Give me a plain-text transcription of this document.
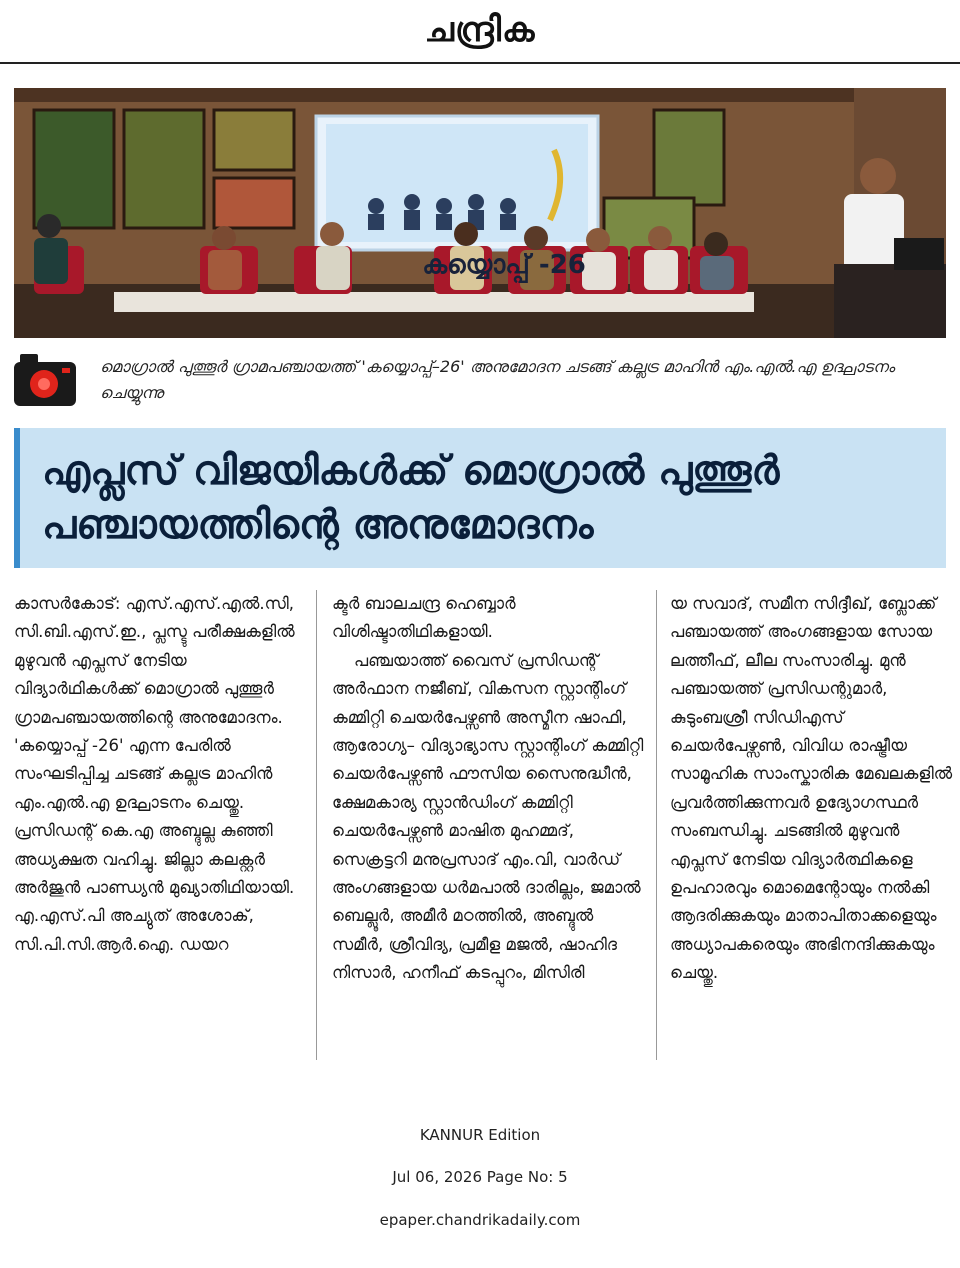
ചന്ദ്രിക
കയ്യൊപ്പ് -26
മൊഗ്രാൽ പുത്തൂർ ഗ്രാമപഞ്ചായത്ത് 'കയ്യൊപ്പ്–26' അനുമോദന ചടങ്ങ് കല്ലട്ര മാഹിൻ എം.എൽ.എ ഉദ്ഘാടനം ചെയ്യുന്നു
എപ്ലസ് വിജയികൾക്ക് മൊഗ്രാൽ പുത്തൂർ പഞ്ചായത്തിന്റെ അനുമോദനം

കാസർകോട്: എസ്.എസ്.എൽ.സി, സി.ബി.എസ്.ഇ., പ്ലസ്ടു പരീക്ഷകളിൽ മുഴുവൻ എപ്ലസ് നേടിയ വിദ്യാർഥികൾക്ക് മൊഗ്രാൽ പുത്തൂർ ഗ്രാമപഞ്ചായത്തിന്റെ അനുമോദനം. 'കയ്യൊപ്പ് -26' എന്ന പേരിൽ സംഘടിപ്പിച്ച ചടങ്ങ് കല്ലട്ര മാഹിൻ എം.എൽ.എ ഉദ്ഘാടനം ചെയ്തു. പ്രസിഡന്റ് കെ.എ അബ്ദുല്ല കുഞ്ഞി അധ്യക്ഷത വഹിച്ചു. ജില്ലാ കലക്റ്റർ അർജുൻ പാണ്ഡ്യൻ മുഖ്യാതിഥിയായി. എ.എസ്.പി അച്യുത് അശോക്, സി.പി.സി.ആർ.ഐ. ഡയറ

ക്ടർ ബാലചന്ദ്ര ഹെബ്ബാർ വിശിഷ്ടാതിഥികളായി.

പഞ്ചയാത്ത് വൈസ് പ്രസിഡന്റ് അർഫാന നജീബ്, വികസന സ്റ്റാന്റിംഗ് കമ്മിറ്റി ചെയർപേഴ്സൺ അസ്മീന ഷാഫി, ആരോഗ്യ– വിദ്യാഭ്യാസ സ്റ്റാന്റിംഗ് കമ്മിറ്റി ചെയർപേഴ്സൺ ഫൗസിയ സൈനുദ്ധീൻ, ക്ഷേമകാര്യ സ്റ്റാൻഡിംഗ് കമ്മിറ്റി ചെയർപേഴ്സൺ മാഷിത മുഹമ്മദ്, സെക്രട്ടറി മനുപ്രസാദ് എം.വി, വാർഡ് അംഗങ്ങളായ ധർമപാൽ ദാരില്ലം, ജമാൽ ബെല്ലൂർ, അമീർ മഠത്തിൽ, അബ്ദുൽ സമീർ, ശ്രീവിദ്യ, പ്രമീള മജൽ, ഷാഹിദ നിസാർ, ഹനീഫ് കടപ്പുറം, മിസിരി

യ സവാദ്, സമീന സിദ്ദീഖ്, ബ്ലോക്ക് പഞ്ചായത്ത് അംഗങ്ങളായ സോയ ലത്തീഫ്, ലീല സംസാരിച്ചു. മുൻ പഞ്ചായത്ത് പ്രസിഡന്റുമാർ, കുടുംബശ്രീ സിഡിഎസ് ചെയർപേഴ്സൺ, വിവിധ രാഷ്ട്രീയ സാമൂഹിക സാംസ്കാരിക മേഖലകളിൽ പ്രവർത്തിക്കുന്നവർ ഉദ്യോഗസ്ഥർ സംബന്ധിച്ചു. ചടങ്ങിൽ മുഴുവൻ എപ്ലസ് നേടിയ വിദ്യാർത്ഥികളെ ഉപഹാരവും മൊമെന്റോയും നൽകി ആദരിക്കുകയും മാതാപിതാക്കളെയും അധ്യാപകരെയും അഭിനന്ദിക്കുകയും ചെയ്തു.

KANNUR Edition
Jul 06, 2026 Page No: 5
epaper.chandrikadaily.com
